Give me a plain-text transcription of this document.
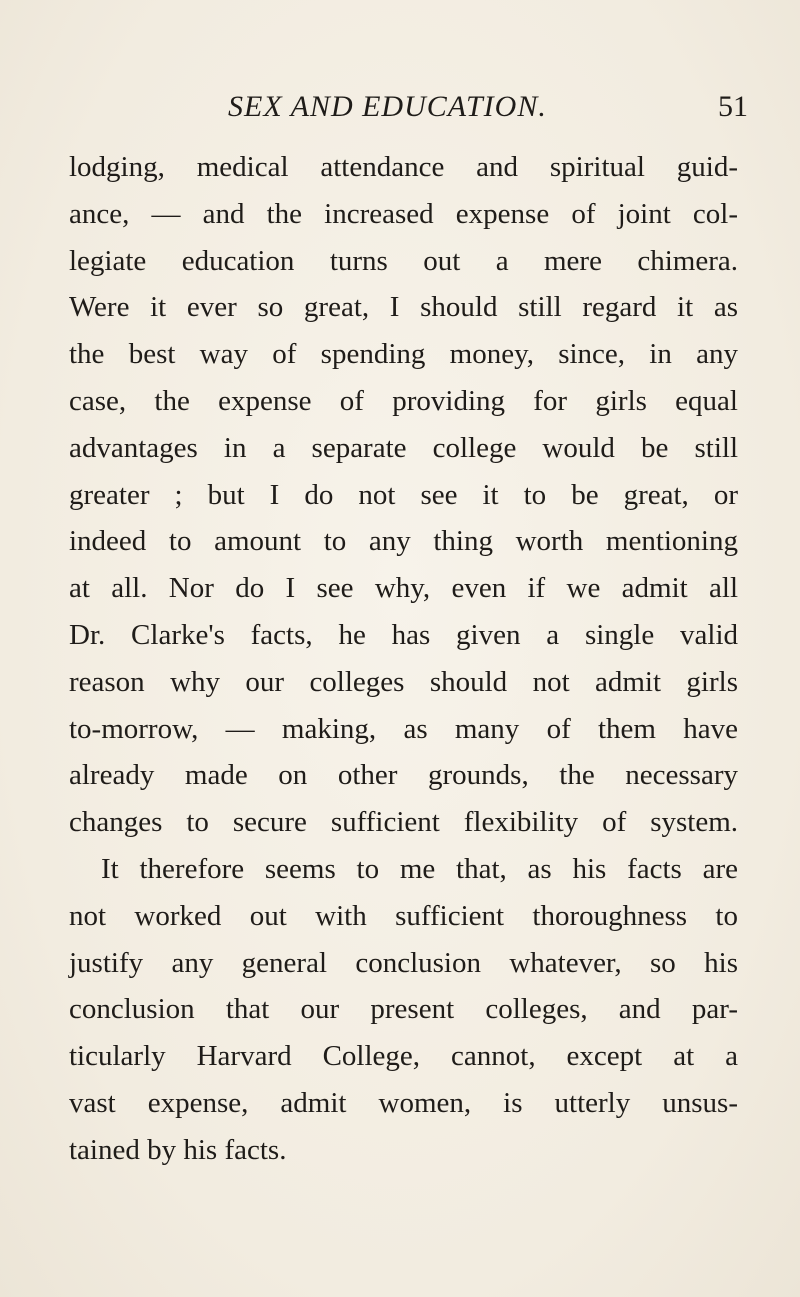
SEX AND EDUCATION.	51
lodging, medical attendance and spiritual guid-
ance, — and the increased expense of joint col-
legiate education turns out a mere chimera.
Were it ever so great, I should still regard it as
the best way of spending money, since, in any
case, the expense of providing for girls equal
advantages in a separate college would be still
greater ; but I do not see it to be great, or
indeed to amount to any thing worth mentioning
at all. Nor do I see why, even if we admit all
Dr. Clarke's facts, he has given a single valid
reason why our colleges should not admit girls
to-morrow, — making, as many of them have
already made on other grounds, the necessary
changes to secure sufficient flexibility of system.
It therefore seems to me that, as his facts are
not worked out with sufficient thoroughness to
justify any general conclusion whatever, so his
conclusion that our present colleges, and par-
ticularly Harvard College, cannot, except at a
vast expense, admit women, is utterly unsus-
tained by his facts.
